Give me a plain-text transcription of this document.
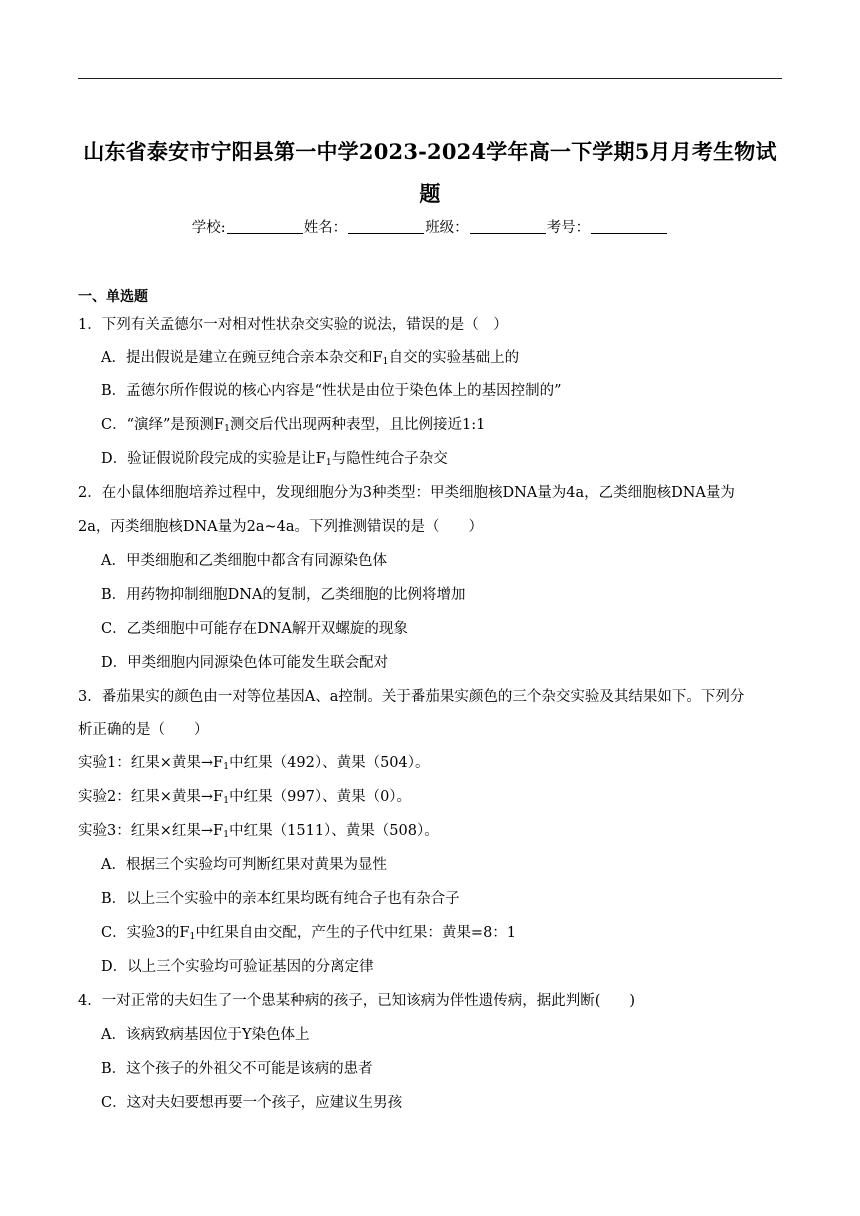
山东省泰安市宁阳县第一中学2023-2024学年高一下学期5月月考生物试
题
学校:	姓名：	班级：	考号：
一、单选题
1．下列有关孟德尔一对相对性状杂交实验的说法，错误的是（　）
A．提出假说是建立在豌豆纯合亲本杂交和$F_1$自交的实验基础上的
B．孟德尔所作假说的核心内容是“性状是由位于染色体上的基因控制的”
C．“演绎”是预测$F_1$测交后代出现两种表型，且比例接近1:1
D．验证假说阶段完成的实验是让$F_1$与隐性纯合子杂交
2．在小鼠体细胞培养过程中，发现细胞分为3种类型：甲类细胞核DNA量为4a，乙类细胞核DNA量为
2a，丙类细胞核DNA量为2a~4a。下列推测错误的是（　　）
A．甲类细胞和乙类细胞中都含有同源染色体
B．用药物抑制细胞DNA的复制，乙类细胞的比例将增加
C．乙类细胞中可能存在DNA解开双螺旋的现象
D．甲类细胞内同源染色体可能发生联会配对
3．番茄果实的颜色由一对等位基因A、a控制。关于番茄果实颜色的三个杂交实验及其结果如下。下列分
析正确的是（　　）
实验1：红果×黄果$\to F_1$中红果（492）、黄果（504）。
实验2：红果×黄果$\to F_1$中红果（997）、黄果（0）。
实验3：红果×红果$\to F_1$中红果（1511）、黄果（508）。
A．根据三个实验均可判断红果对黄果为显性
B．以上三个实验中的亲本红果均既有纯合子也有杂合子
C．实验3的$F_1$中红果自由交配，产生的子代中红果：黄果=8：1
D．以上三个实验均可验证基因的分离定律
4．一对正常的夫妇生了一个患某种病的孩子，已知该病为伴性遗传病，据此判断(　　)
A．该病致病基因位于Y染色体上
B．这个孩子的外祖父不可能是该病的患者
C．这对夫妇要想再要一个孩子，应建议生男孩
